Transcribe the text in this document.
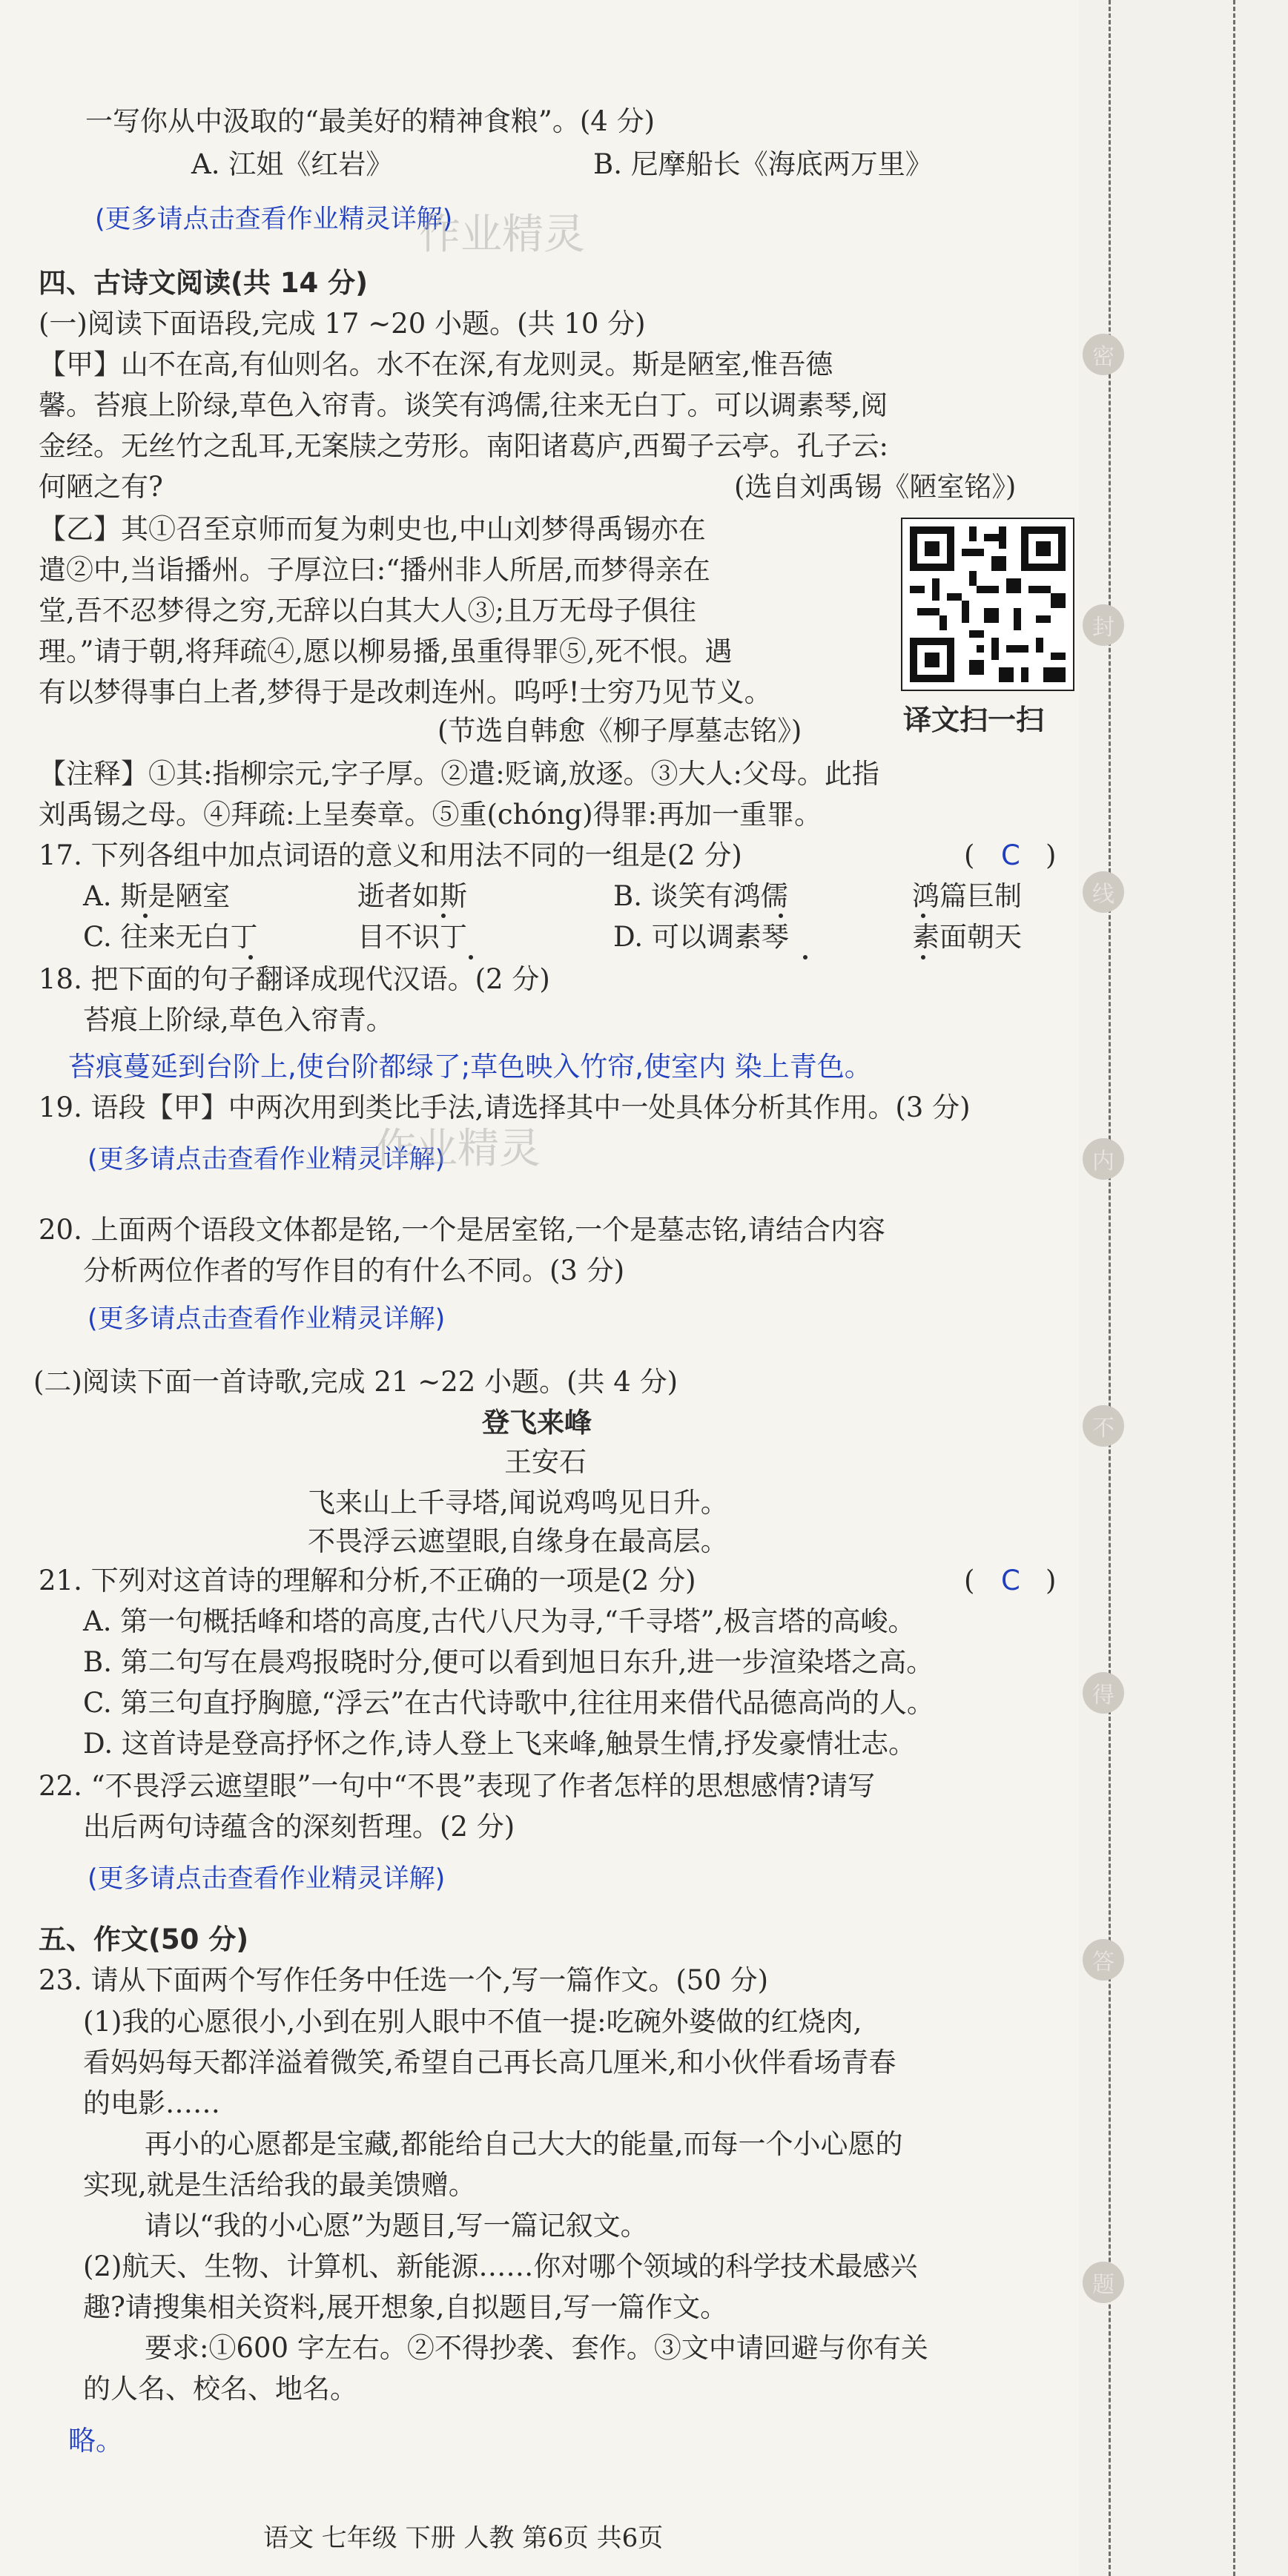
一写你从中汲取的“最美好的精神食粮”。(4 分)
A. 江姐《红岩》	B. 尼摩船长《海底两万里》
(更多请点击查看作业精灵详解)
作业精灵
四、古诗文阅读(共 14 分)
(一)阅读下面语段,完成 17 ~20 小题。(共 10 分)
【甲】山不在高,有仙则名。水不在深,有龙则灵。斯是陋室,惟吾德
馨。苔痕上阶绿,草色入帘青。谈笑有鸿儒,往来无白丁。可以调素琴,阅
金经。无丝竹之乱耳,无案牍之劳形。南阳诸葛庐,西蜀子云亭。孔子云:
何陋之有?	(选自刘禹锡《陋室铭》)
【乙】其①召至京师而复为刺史也,中山刘梦得禹锡亦在
遣②中,当诣播州。子厚泣曰:“播州非人所居,而梦得亲在
堂,吾不忍梦得之穷,无辞以白其大人③;且万无母子俱往
理。”请于朝,将拜疏④,愿以柳易播,虽重得罪⑤,死不恨。遇
有以梦得事白上者,梦得于是改刺连州。呜呼!士穷乃见节义。
(节选自韩愈《柳子厚墓志铭》)	译文扫一扫
【注释】①其:指柳宗元,字子厚。②遣:贬谪,放逐。③大人:父母。此指
刘禹锡之母。④拜疏:上呈奏章。⑤重(chóng)得罪:再加一重罪。
17. 下列各组中加点词语的意义和用法不同的一组是(2 分)	( C )
A. 斯是陋室	逝者如斯	B. 谈笑有鸿儒	鸿篇巨制
C. 往来无白丁	目不识丁	D. 可以调素琴	素面朝天
18. 把下面的句子翻译成现代汉语。(2 分)
苔痕上阶绿,草色入帘青。
苔痕蔓延到台阶上,使台阶都绿了;草色映入竹帘,使室内 染上青色。
19. 语段【甲】中两次用到类比手法,请选择其中一处具体分析其作用。(3 分)
(更多请点击查看作业精灵详解)
作业精灵
20. 上面两个语段文体都是铭,一个是居室铭,一个是墓志铭,请结合内容
分析两位作者的写作目的有什么不同。(3 分)
(更多请点击查看作业精灵详解)
(二)阅读下面一首诗歌,完成 21 ~22 小题。(共 4 分)
登飞来峰
王安石
飞来山上千寻塔,闻说鸡鸣见日升。
不畏浮云遮望眼,自缘身在最高层。
21. 下列对这首诗的理解和分析,不正确的一项是(2 分)	( C )
A. 第一句概括峰和塔的高度,古代八尺为寻,“千寻塔”,极言塔的高峻。
B. 第二句写在晨鸡报晓时分,便可以看到旭日东升,进一步渲染塔之高。
C. 第三句直抒胸臆,“浮云”在古代诗歌中,往往用来借代品德高尚的人。
D. 这首诗是登高抒怀之作,诗人登上飞来峰,触景生情,抒发豪情壮志。
22. “不畏浮云遮望眼”一句中“不畏”表现了作者怎样的思想感情?请写
出后两句诗蕴含的深刻哲理。(2 分)
(更多请点击查看作业精灵详解)
五、作文(50 分)
23. 请从下面两个写作任务中任选一个,写一篇作文。(50 分)
(1)我的心愿很小,小到在别人眼中不值一提:吃碗外婆做的红烧肉,
看妈妈每天都洋溢着微笑,希望自己再长高几厘米,和小伙伴看场青春
的电影……
再小的心愿都是宝藏,都能给自己大大的能量,而每一个小心愿的
实现,就是生活给我的最美馈赠。
请以“我的小心愿”为题目,写一篇记叙文。
(2)航天、生物、计算机、新能源……你对哪个领域的科学技术最感兴
趣?请搜集相关资料,展开想象,自拟题目,写一篇作文。
要求:①600 字左右。②不得抄袭、套作。③文中请回避与你有关
的人名、校名、地名。
略。
语文 七年级 下册 人教 第6页 共6页
密
封
线
内
不
得
答
题
